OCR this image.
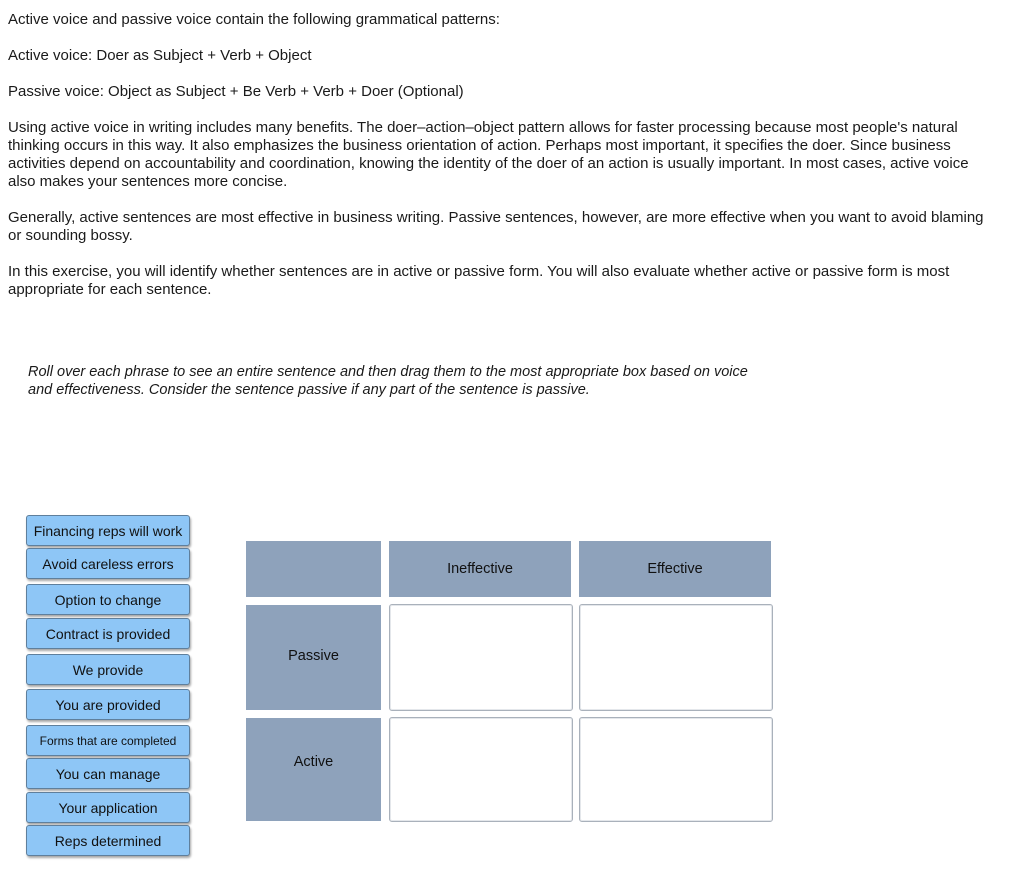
Active voice and passive voice contain the following grammatical patterns:

Active voice: Doer as Subject + Verb + Object

Passive voice: Object as Subject + Be Verb + Verb + Doer (Optional)

Using active voice in writing includes many benefits. The doer–action–object pattern allows for faster processing because most people's natural thinking occurs in this way. It also emphasizes the business orientation of action. Perhaps most important, it specifies the doer. Since business activities depend on accountability and coordination, knowing the identity of the doer of an action is usually important. In most cases, active voice also makes your sentences more concise.

Generally, active sentences are most effective in business writing. Passive sentences, however, are more effective when you want to avoid blaming or sounding bossy.

In this exercise, you will identify whether sentences are in active or passive form. You will also evaluate whether active or passive form is most appropriate for each sentence.

Roll over each phrase to see an entire sentence and then drag them to the most appropriate box based on voice and effectiveness. Consider the sentence passive if any part of the sentence is passive.
Financing reps will work
Avoid careless errors
Option to change
Contract is provided
We provide
You are provided
Forms that are completed
You can manage
Your application
Reps determined
Ineffective	Effective
Passive
Active
